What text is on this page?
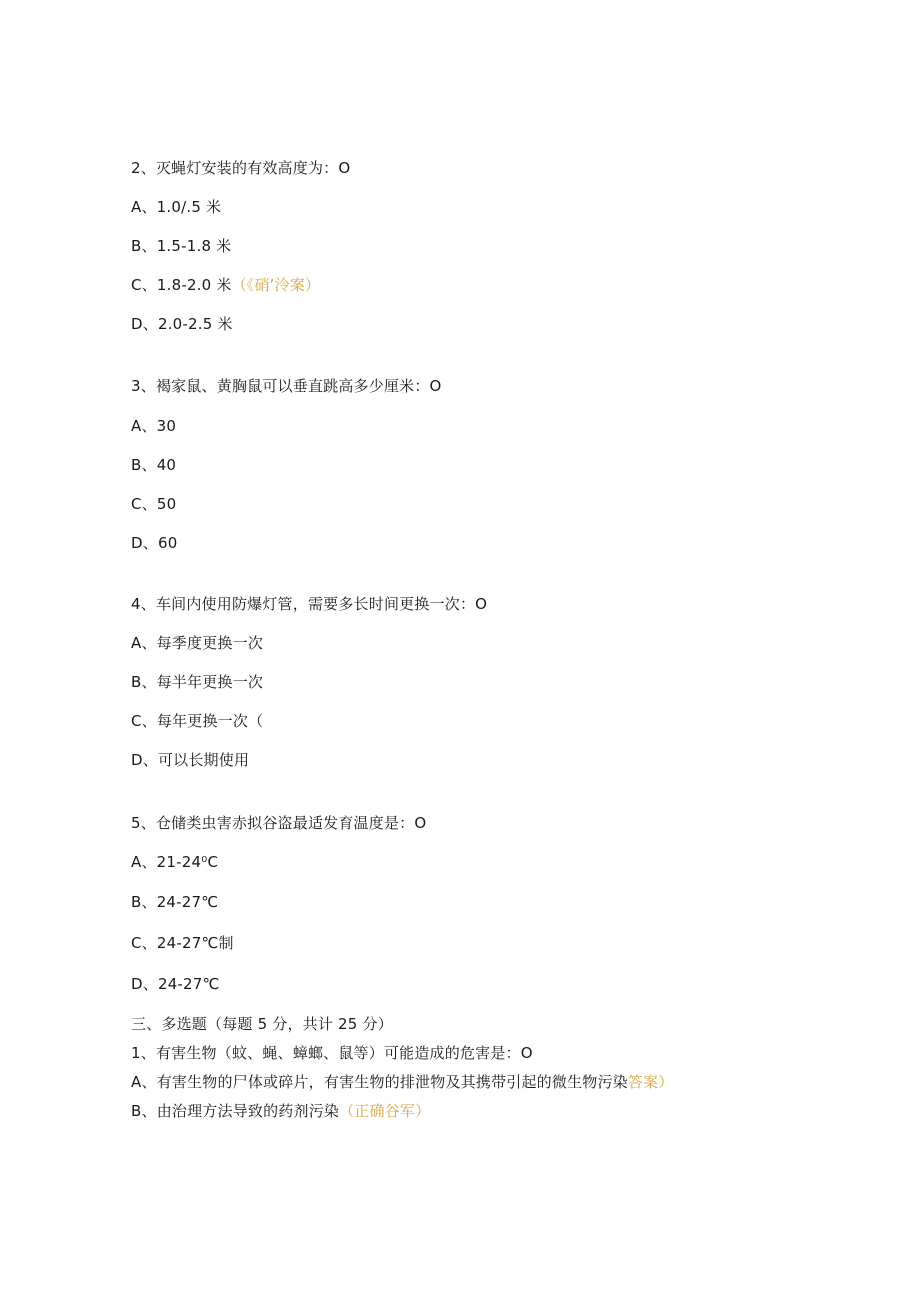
2、灭蝇灯安装的有效高度为：O
A、1.0/.5 米
B、1.5-1.8 米
C、1.8-2.0 米（《硝’泠案）
D、2.0-2.5 米
3、褐家鼠、黄胸鼠可以垂直跳高多少厘米：O
A、30
B、40
C、50
D、60
4、车间内使用防爆灯管，需要多长时间更换一次：O
A、每季度更换一次
B、每半年更换一次
C、每年更换一次（
D、可以长期使用
5、仓储类虫害赤拟谷盗最适发育温度是：O
A、21-24⁰C
B、24-27℃
C、24-27℃制
D、24-27℃
三、多选题（每题 5 分，共计 25 分）
1、有害生物（蚊、蝇、蟑螂、鼠等）可能造成的危害是：O
A、有害生物的尸体或碎片，有害生物的排泄物及其携带引起的微生物污染答案）
B、由治理方法导致的药剂污染（正确谷军）
